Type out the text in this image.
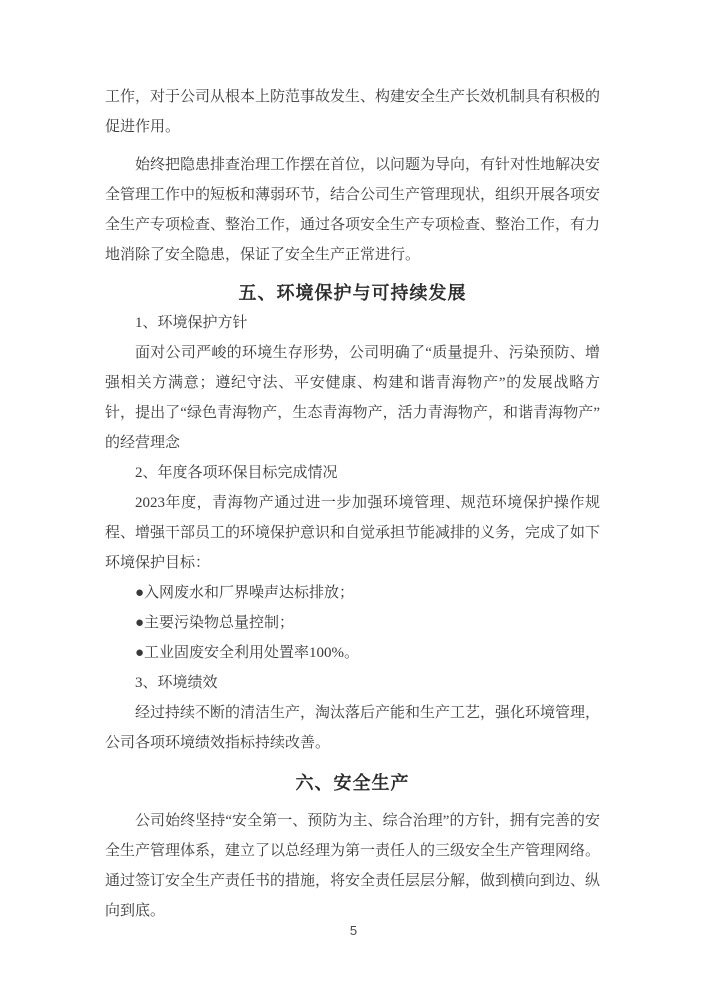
工作，对于公司从根本上防范事故发生、构建安全生产长效机制具有积极的促进作用。

始终把隐患排查治理工作摆在首位，以问题为导向，有针对性地解决安全管理工作中的短板和薄弱环节，结合公司生产管理现状，组织开展各项安全生产专项检查、整治工作，通过各项安全生产专项检查、整治工作，有力地消除了安全隐患，保证了安全生产正常进行。

五、环境保护与可持续发展

1、环境保护方针

面对公司严峻的环境生存形势，公司明确了“质量提升、污染预防、增强相关方满意；遵纪守法、平安健康、构建和谐青海物产”的发展战略方针，提出了“绿色青海物产，生态青海物产，活力青海物产，和谐青海物产”的经营理念

2、年度各项环保目标完成情况

2023年度，青海物产通过进一步加强环境管理、规范环境保护操作规程、增强干部员工的环境保护意识和自觉承担节能减排的义务，完成了如下环境保护目标：

●入网废水和厂界噪声达标排放；

●主要污染物总量控制；

●工业固废安全利用处置率100%。

3、环境绩效

经过持续不断的清洁生产，淘汰落后产能和生产工艺，强化环境管理，公司各项环境绩效指标持续改善。

六、安全生产

公司始终坚持“安全第一、预防为主、综合治理”的方针，拥有完善的安全生产管理体系，建立了以总经理为第一责任人的三级安全生产管理网络。通过签订安全生产责任书的措施，将安全责任层层分解，做到横向到边、纵向到底。

5
